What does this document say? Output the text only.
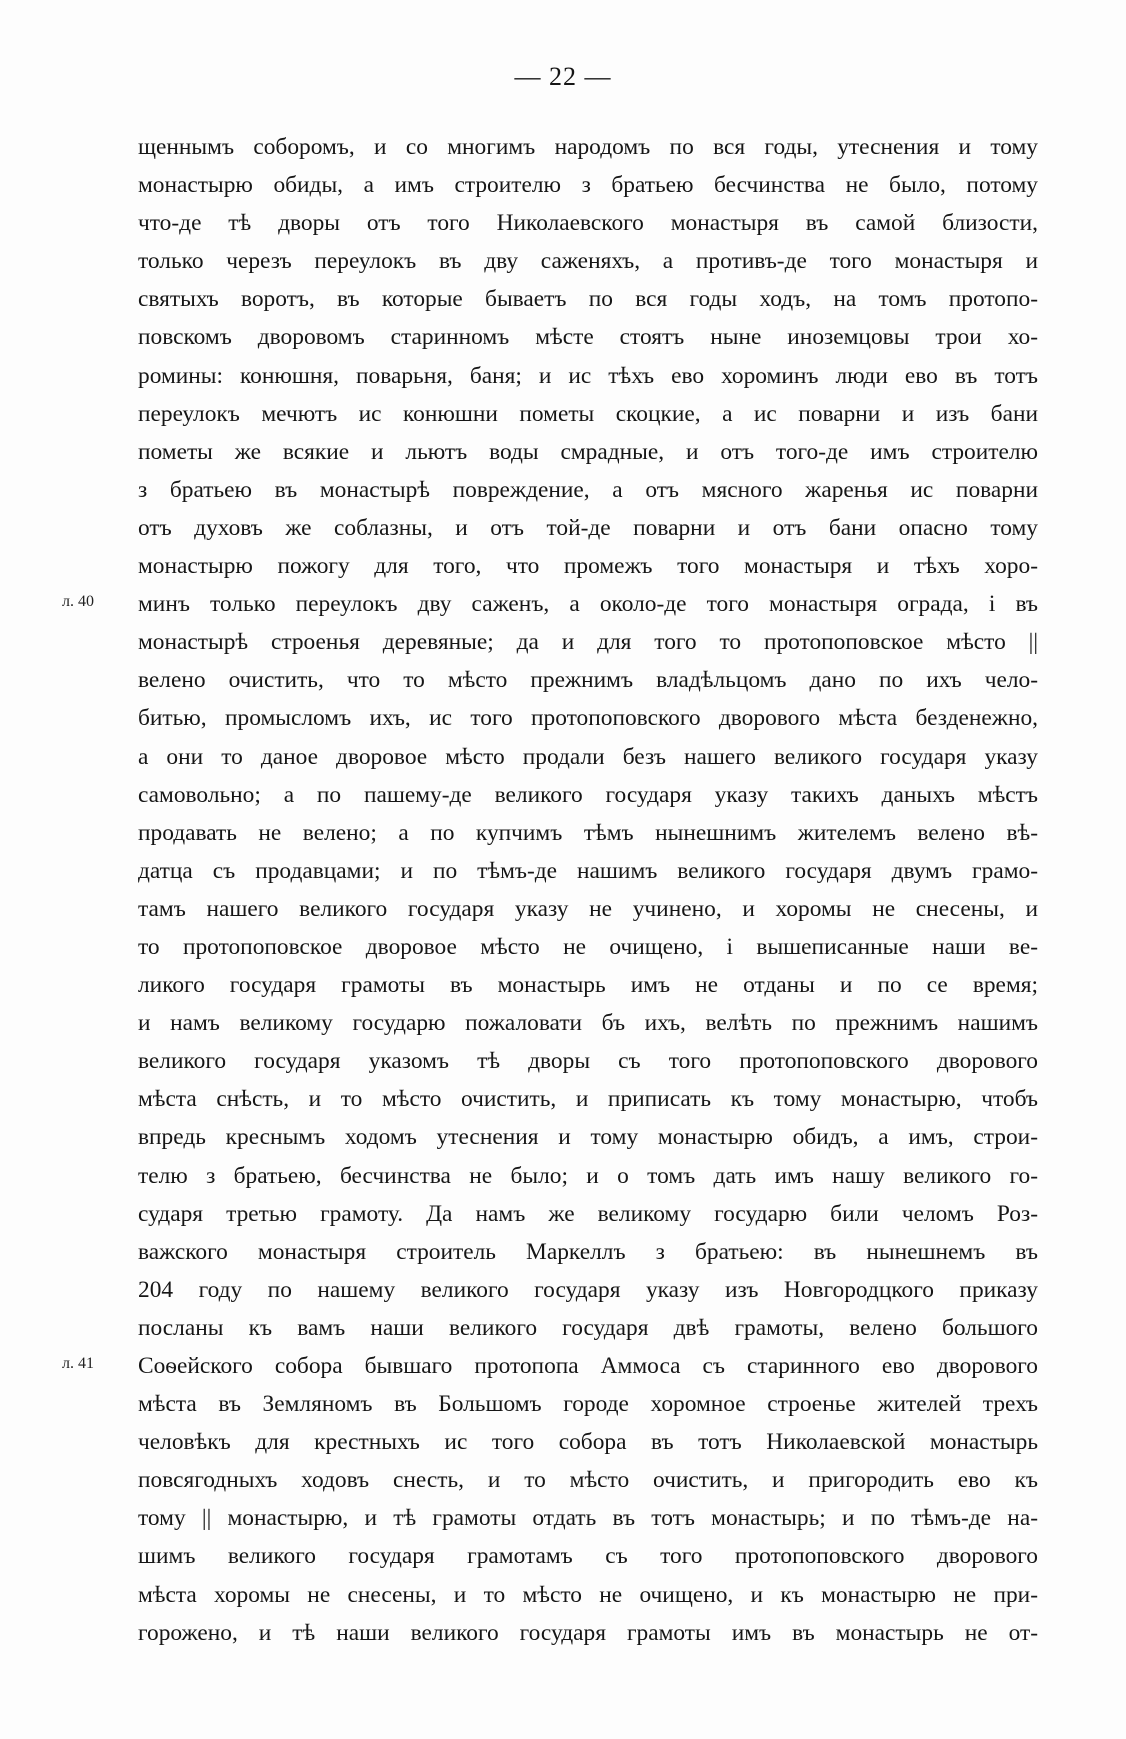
— 22 —
л. 40
л. 41
щеннымъ соборомъ, и со многимъ народомъ по вся годы, утеснения и тому
монастырю обиды, а имъ строителю з братьею бесчинства не было, потому
что-де тѣ дворы отъ того Николаевского монастыря въ самой близости,
только черезъ переулокъ въ дву саженяхъ, а противъ-де того монастыря и
святыхъ воротъ, въ которые бываетъ по вся годы ходъ, на томъ протопо-
повскомъ дворовомъ старинномъ мѣсте стоятъ ныне иноземцовы трои хо-
ромины: конюшня, поварьня, баня; и ис тѣхъ ево хороминъ люди ево въ тотъ
переулокъ мечютъ ис конюшни пометы скоцкие, а ис поварни и изъ бани
пометы же всякие и льютъ воды смрадные, и отъ того-де имъ строителю
з братьею въ монастырѣ повреждение, а отъ мясного жаренья ис поварни
отъ духовъ же соблазны, и отъ той-де поварни и отъ бани опасно тому
монастырю пожогу для того, что промежъ того монастыря и тѣхъ хоро-
минъ только переулокъ дву саженъ, а около-де того монастыря ограда, і въ
монастырѣ строенья деревяные; да и для того то протопоповское мѣсто ||
велено очистить, что то мѣсто прежнимъ владѣльцомъ дано по ихъ чело-
битью, промысломъ ихъ, ис того протопоповского дворового мѣста безденежно,
а они то даное дворовое мѣсто продали безъ нашего великого государя указу
самовольно; а по пашему-де великого государя указу такихъ даныхъ мѣстъ
продавать не велено; а по купчимъ тѣмъ нынешнимъ жителемъ велено вѣ-
датца съ продавцами; и по тѣмъ-де нашимъ великого государя двумъ грамо-
тамъ нашего великого государя указу не учинено, и хоромы не снесены, и
то протопоповское дворовое мѣсто не очищено, і вышеписанные наши ве-
ликого государя грамоты въ монастырь имъ не отданы и по се время;
и намъ великому государю пожаловати бъ ихъ, велѣть по прежнимъ нашимъ
великого государя указомъ тѣ дворы съ того протопоповского дворового
мѣста снѣсть, и то мѣсто очистить, и приписать къ тому монастырю, чтобъ
впредь креснымъ ходомъ утеснения и тому монастырю обидъ, а имъ, строи-
телю з братьею, бесчинства не было; и о томъ дать имъ нашу великого го-
сударя третью грамоту. Да намъ же великому государю били челомъ Роз-
важского монастыря строитель Маркеллъ з братьею: въ нынешнемъ въ
204 году по нашему великого государя указу изъ Новгородцкого приказу
посланы къ вамъ наши великого государя двѣ грамоты, велено большого
Соѳейского собора бывшаго протопопа Аммоса съ старинного ево дворового
мѣста въ Земляномъ въ Большомъ городе хоромное строенье жителей трехъ
человѣкъ для крестныхъ ис того собора въ тотъ Николаевской монастырь
повсягодныхъ ходовъ снесть, и то мѣсто очистить, и пригородить ево къ
тому || монастырю, и тѣ грамоты отдать въ тотъ монастырь; и по тѣмъ-де на-
шимъ великого государя грамотамъ съ того протопоповского дворового
мѣста хоромы не снесены, и то мѣсто не очищено, и къ монастырю не при-
горожено, и тѣ наши великого государя грамоты имъ въ монастырь не от-
